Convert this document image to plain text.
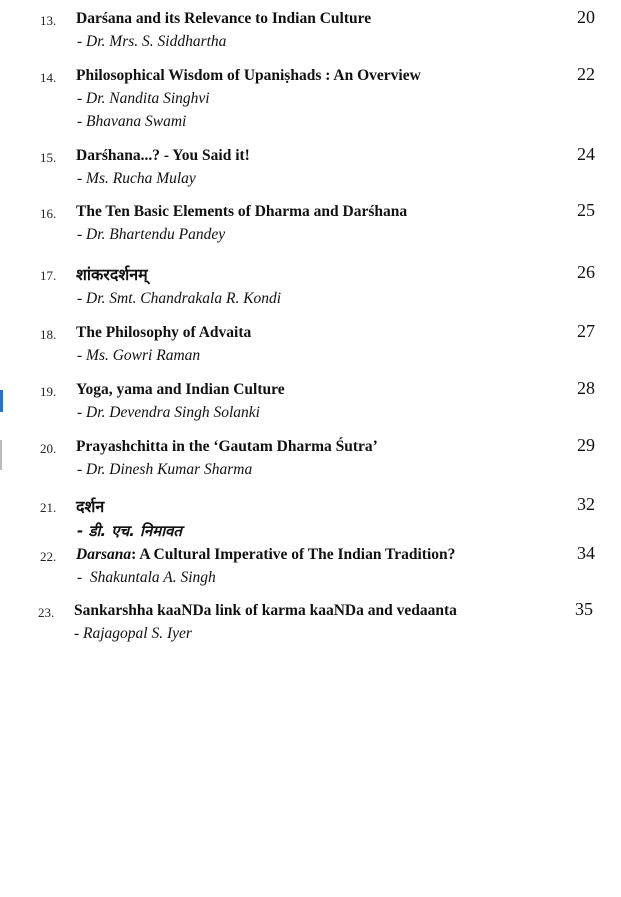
13. Darśana and its Relevance to Indian Culture	20
- Dr. Mrs. S. Siddhartha
14. Philosophical Wisdom of Upaniṣhads : An Overview	22
- Dr. Nandita Singhvi
- Bhavana Swami
15. Darśhana...? - You Said it!	24
- Ms. Rucha Mulay
16. The Ten Basic Elements of Dharma and Darśhana	25
- Dr. Bhartendu Pandey
17. शांकरदर्शनम्	26
- Dr. Smt. Chandrakala R. Kondi
18. The Philosophy of Advaita	27
- Ms. Gowri Raman
19. Yoga, yama and Indian Culture	28
- Dr. Devendra Singh Solanki
20. Prayashchitta in the ‘Gautam Dharma Śutra’	29
- Dr. Dinesh Kumar Sharma
21. दर्शन	32
- डी. एच. निमावत
22. Darsana: A Cultural Imperative of The Indian Tradition?	34
-  Shakuntala A. Singh
23. Sankarshha kaaNDa link of karma kaaNDa and vedaanta	35
- Rajagopal S. Iyer
